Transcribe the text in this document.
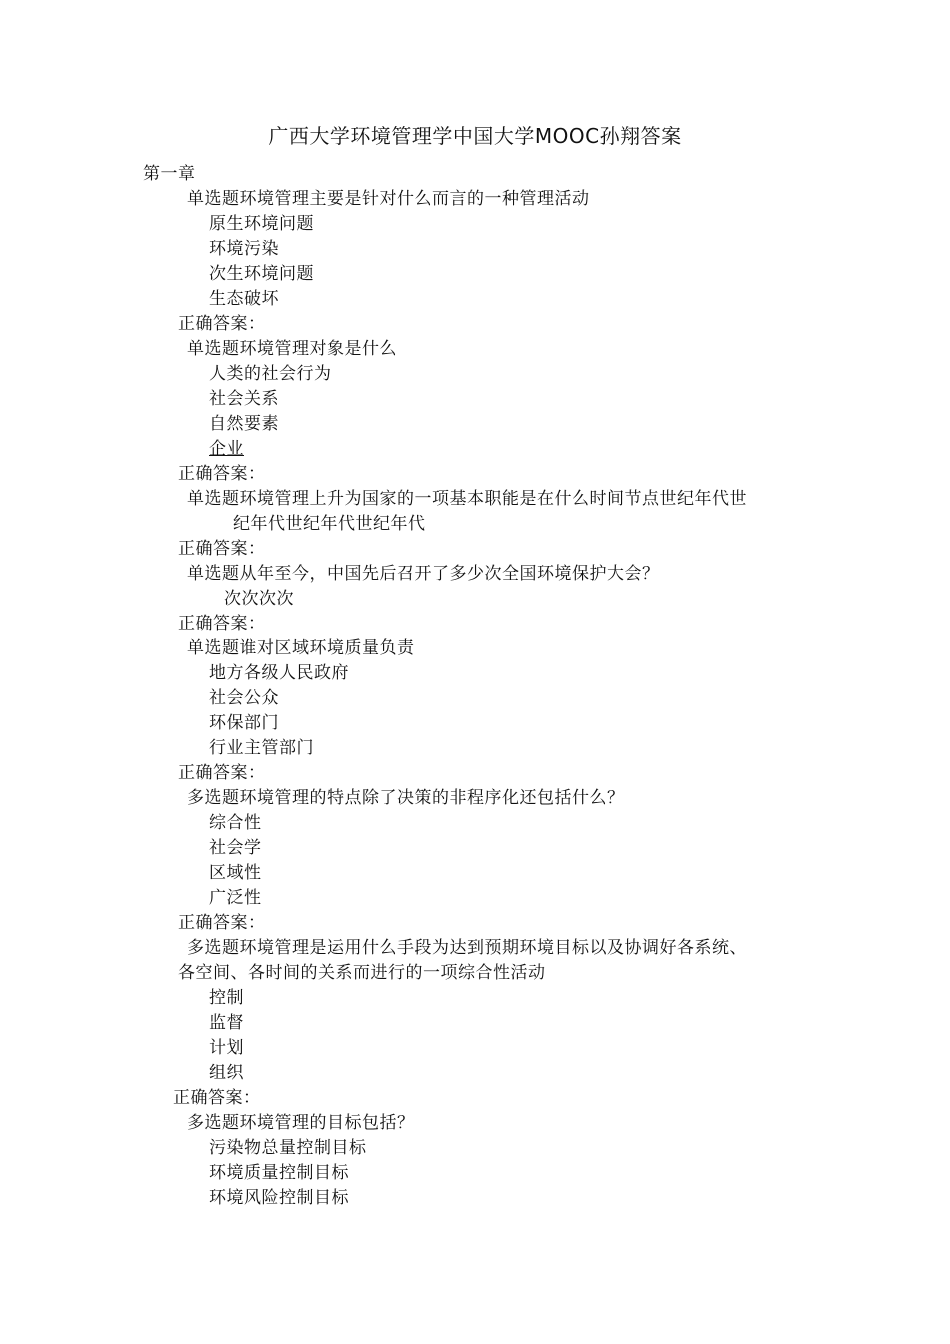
广西大学环境管理学中国大学MOOC孙翔答案
第一章
单选题环境管理主要是针对什么而言的一种管理活动
原生环境问题
环境污染
次生环境问题
生态破坏
正确答案：
单选题环境管理对象是什么
人类的社会行为
社会关系
自然要素
企业
正确答案：
单选题环境管理上升为国家的一项基本职能是在什么时间节点世纪年代世
纪年代世纪年代世纪年代
正确答案：
单选题从年至今，中国先后召开了多少次全国环境保护大会？
次次次次
正确答案：
单选题谁对区域环境质量负责
地方各级人民政府
社会公众
环保部门
行业主管部门
正确答案：
多选题环境管理的特点除了决策的非程序化还包括什么？
综合性
社会学
区域性
广泛性
正确答案：
多选题环境管理是运用什么手段为达到预期环境目标以及协调好各系统、
各空间、各时间的关系而进行的一项综合性活动
控制
监督
计划
组织
正确答案：
多选题环境管理的目标包括？
污染物总量控制目标
环境质量控制目标
环境风险控制目标
